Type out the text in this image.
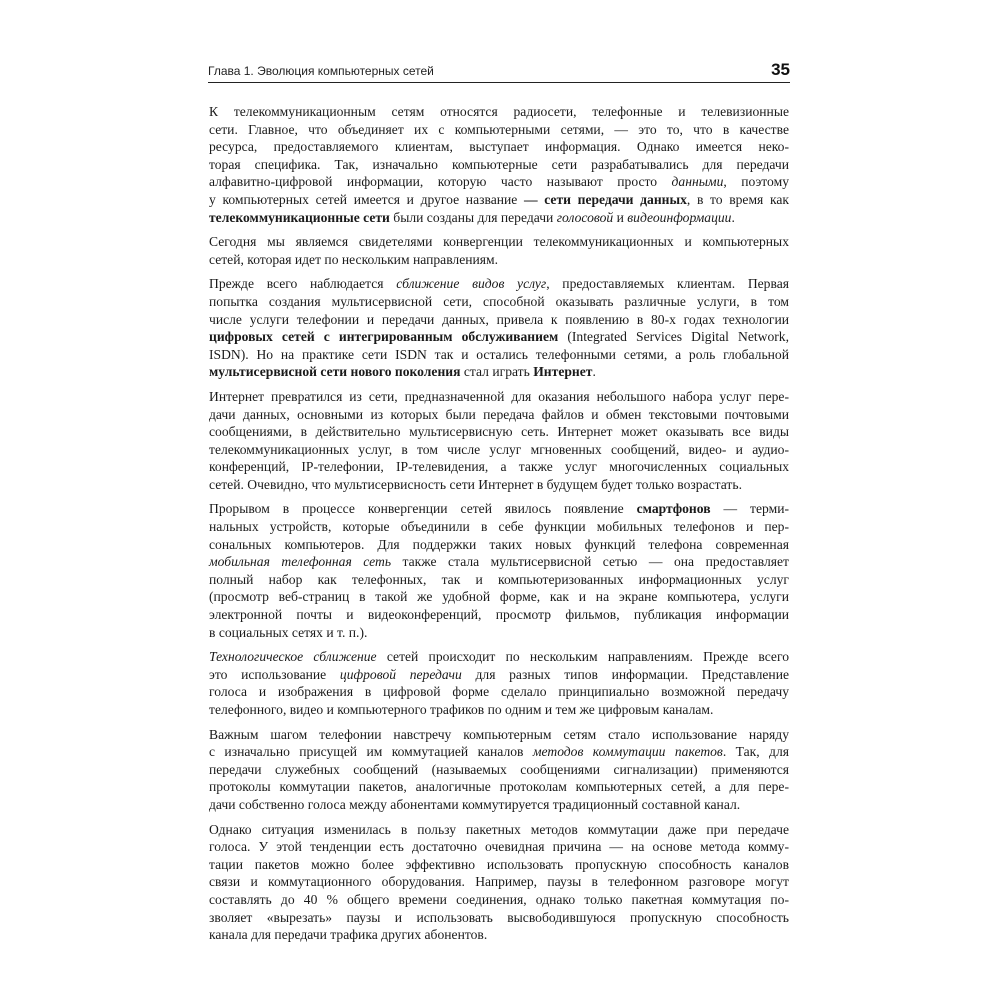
Глава 1. Эволюция компьютерных сетей	35
К телекоммуникационным сетям относятся радиосети, телефонные и телевизионные
сети. Главное, что объединяет их с компьютерными сетями, — это то, что в качестве
ресурса, предоставляемого клиентам, выступает информация. Однако имеется неко-
торая специфика. Так, изначально компьютерные сети разрабатывались для передачи
алфавитно-цифровой информации, которую часто называют просто данными, поэтому
у компьютерных сетей имеется и другое название — сети передачи данных, в то время как
телекоммуникационные сети были созданы для передачи голосовой и видеоинформации.
Сегодня мы являемся свидетелями конвергенции телекоммуникационных и компьютерных
сетей, которая идет по нескольким направлениям.
Прежде всего наблюдается сближение видов услуг, предоставляемых клиентам. Первая
попытка создания мультисервисной сети, способной оказывать различные услуги, в том
числе услуги телефонии и передачи данных, привела к появлению в 80-х годах технологии
цифровых сетей с интегрированным обслуживанием (Integrated Services Digital Network,
ISDN). Но на практике сети ISDN так и остались телефонными сетями, а роль глобальной
мультисервисной сети нового поколения стал играть Интернет.
Интернет превратился из сети, предназначенной для оказания небольшого набора услуг пере-
дачи данных, основными из которых были передача файлов и обмен текстовыми почтовыми
сообщениями, в действительно мультисервисную сеть. Интернет может оказывать все виды
телекоммуникационных услуг, в том числе услуг мгновенных сообщений, видео- и аудио-
конференций, IP-телефонии, IP-телевидения, а также услуг многочисленных социальных
сетей. Очевидно, что мультисервисность сети Интернет в будущем будет только возрастать.
Прорывом в процессе конвергенции сетей явилось появление смартфонов — терми-
нальных устройств, которые объединили в себе функции мобильных телефонов и пер-
сональных компьютеров. Для поддержки таких новых функций телефона современная
мобильная телефонная сеть также стала мультисервисной сетью — она предоставляет
полный набор как телефонных, так и компьютеризованных информационных услуг
(просмотр веб-страниц в такой же удобной форме, как и на экране компьютера, услуги
электронной почты и видеоконференций, просмотр фильмов, публикация информации
в социальных сетях и т. п.).
Технологическое сближение сетей происходит по нескольким направлениям. Прежде всего
это использование цифровой передачи для разных типов информации. Представление
голоса и изображения в цифровой форме сделало принципиально возможной передачу
телефонного, видео и компьютерного трафиков по одним и тем же цифровым каналам.
Важным шагом телефонии навстречу компьютерным сетям стало использование наряду
с изначально присущей им коммутацией каналов методов коммутации пакетов. Так, для
передачи служебных сообщений (называемых сообщениями сигнализации) применяются
протоколы коммутации пакетов, аналогичные протоколам компьютерных сетей, а для пере-
дачи собственно голоса между абонентами коммутируется традиционный составной канал.
Однако ситуация изменилась в пользу пакетных методов коммутации даже при передаче
голоса. У этой тенденции есть достаточно очевидная причина — на основе метода комму-
тации пакетов можно более эффективно использовать пропускную способность каналов
связи и коммутационного оборудования. Например, паузы в телефонном разговоре могут
составлять до 40 % общего времени соединения, однако только пакетная коммутация по-
зволяет «вырезать» паузы и использовать высвободившуюся пропускную способность
канала для передачи трафика других абонентов.
